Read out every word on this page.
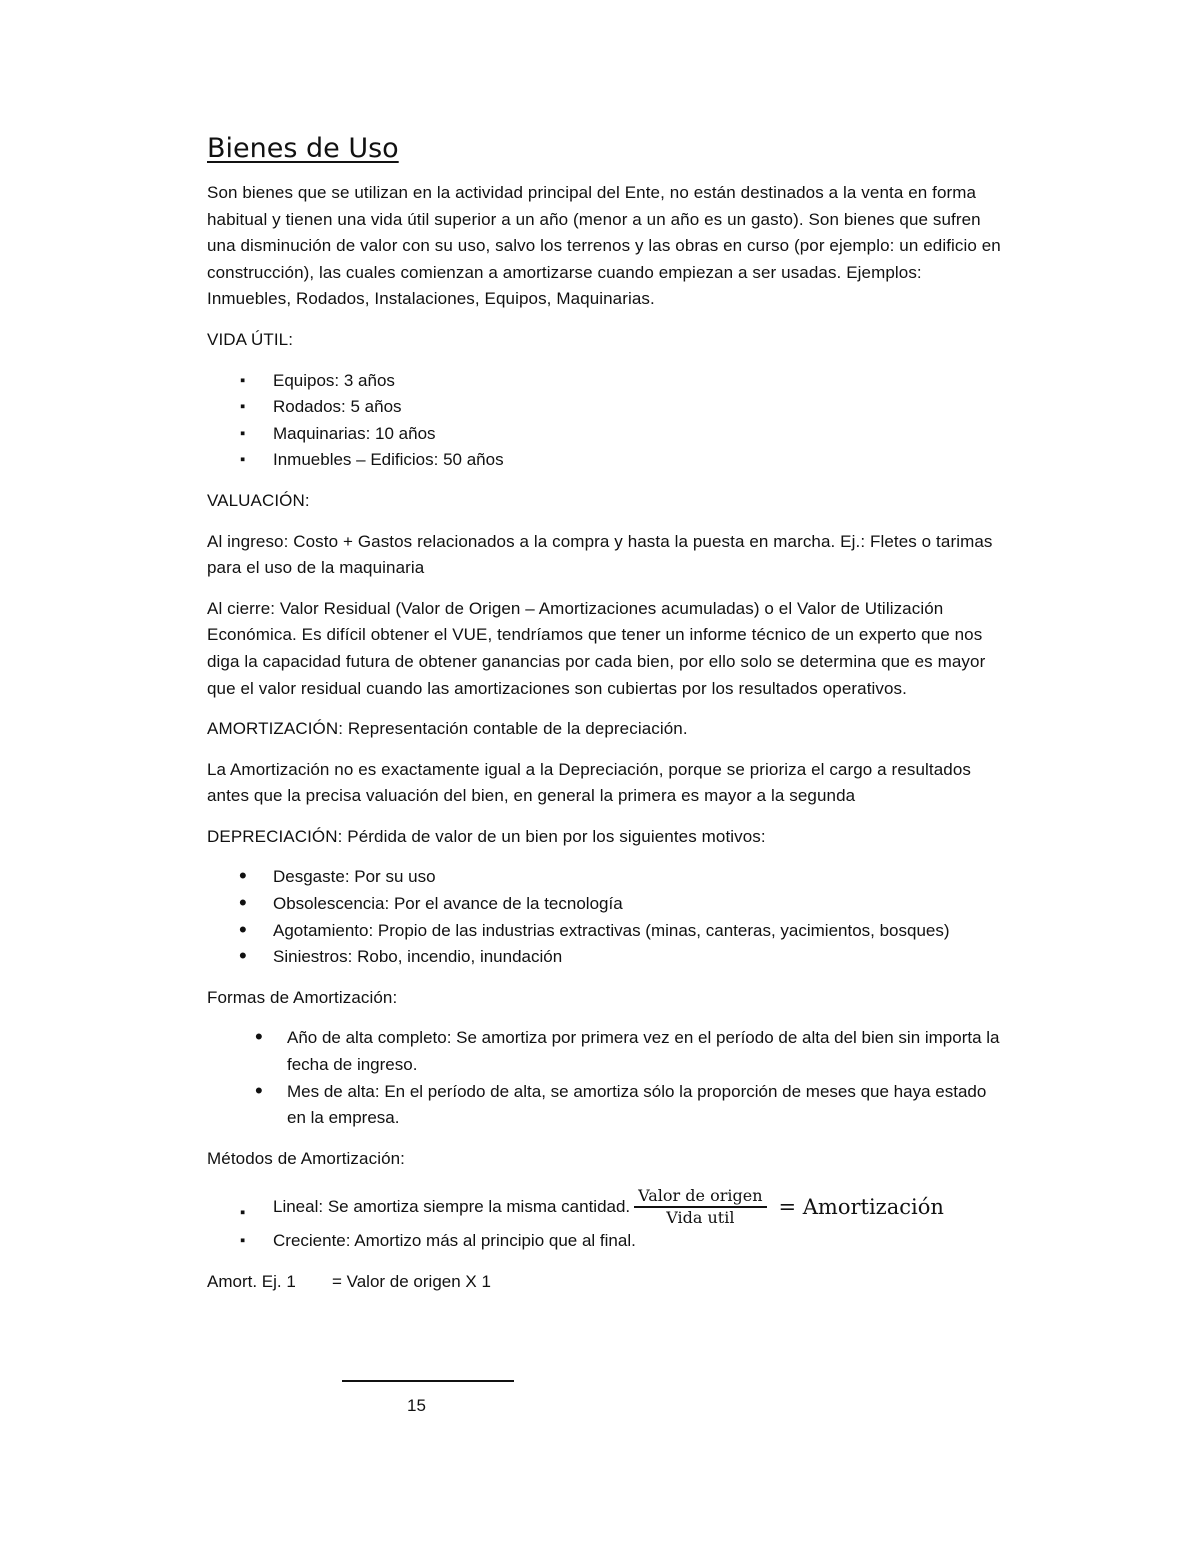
Bienes de Uso

Son bienes que se utilizan en la actividad principal del Ente, no están destinados a la venta en forma habitual y tienen una vida útil superior a un año (menor a un año es un gasto). Son bienes que sufren una disminución de valor con su uso, salvo los terrenos y las obras en curso (por ejemplo: un edificio en construcción), las cuales comienzan a amortizarse cuando empiezan a ser usadas. Ejemplos: Inmuebles, Rodados, Instalaciones, Equipos, Maquinarias.

VIDA ÚTIL:

▪ Equipos: 3 años
▪ Rodados: 5 años
▪ Maquinarias: 10 años
▪ Inmuebles – Edificios: 50 años

VALUACIÓN:

Al ingreso: Costo + Gastos relacionados a la compra y hasta la puesta en marcha. Ej.: Fletes o tarimas para el uso de la maquinaria

Al cierre: Valor Residual (Valor de Origen – Amortizaciones acumuladas) o el Valor de Utilización Económica. Es difícil obtener el VUE, tendríamos que tener un informe técnico de un experto que nos diga la capacidad futura de obtener ganancias por cada bien, por ello solo se determina que es mayor que el valor residual cuando las amortizaciones son cubiertas por los resultados operativos.

AMORTIZACIÓN: Representación contable de la depreciación.

La Amortización no es exactamente igual a la Depreciación, porque se prioriza el cargo a resultados antes que la precisa valuación del bien, en general la primera es mayor a la segunda

DEPRECIACIÓN: Pérdida de valor de un bien por los siguientes motivos:

• Desgaste: Por su uso
• Obsolescencia: Por el avance de la tecnología
• Agotamiento: Propio de las industrias extractivas (minas, canteras, yacimientos, bosques)
• Siniestros: Robo, incendio, inundación

Formas de Amortización:

• Año de alta completo: Se amortiza por primera vez en el período de alta del bien sin importa la fecha de ingreso.
• Mes de alta: En el período de alta, se amortiza sólo la proporción de meses que haya estado en la empresa.

Métodos de Amortización:

▪ Lineal: Se amortiza siempre la misma cantidad. $\frac{\text{Valor de origen}}{\text{Vida util}}$ = Amortización
▪ Creciente: Amortizo más al principio que al final.
Amort. Ej. 1	= Valor de origen X 1
15
